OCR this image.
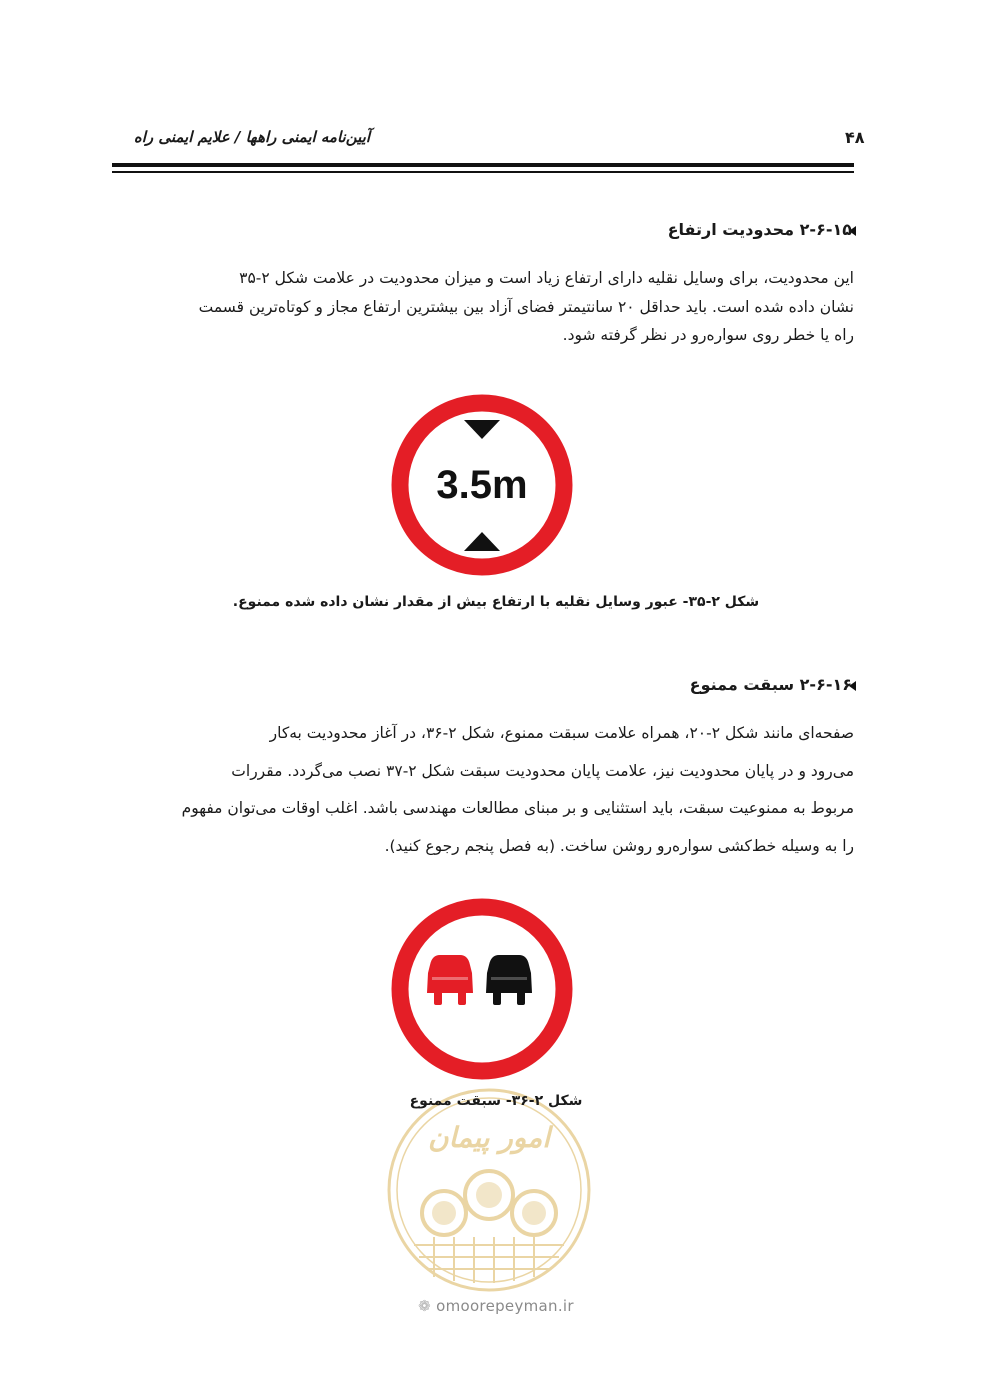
آیین‌نامه ایمنی راهها / علایم ایمنی راه	۴۸
۲-۶-۱۵ محدودیت ارتفاع

این محدودیت، برای وسایل نقلیه دارای ارتفاع زیاد است و میزان محدودیت در علامت شکل ۲-۳۵

نشان داده شده است. باید حداقل ۲۰ سانتیمتر فضای آزاد بین بیشترین ارتفاع مجاز و کوتاه‌ترین قسمت

راه یا خطر روی سواره‌رو در نظر گرفته شود.

3.5m
شکل ۲-۳۵- عبور وسایل نقلیه با ارتفاع بیش از مقدار نشان داده شده ممنوع.
۲-۶-۱۶ سبقت ممنوع

صفحه‌ای مانند شکل ۲-۲۰، همراه علامت سبقت ممنوع، شکل ۲-۳۶، در آغاز محدودیت به‌کار

می‌رود و در پایان محدودیت نیز، علامت پایان محدودیت سبقت شکل ۲-۳۷ نصب می‌گردد. مقررات

مربوط به ممنوعیت سبقت، باید استثنایی و بر مبنای مطالعات مهندسی باشد. اغلب اوقات می‌توان مفهوم

را به وسیله خط‌کشی سواره‌رو روشن ساخت. (به فصل پنجم رجوع کنید).

امور پیمان
شکل ۲-۳۶- سبقت ممنوع
❁ omoorepeyman.ir
